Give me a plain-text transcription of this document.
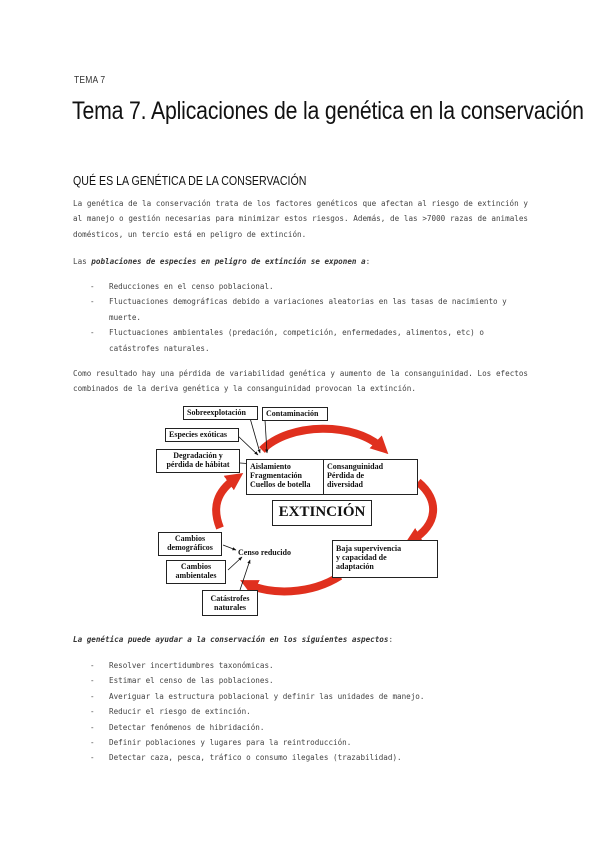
TEMA 7
Tema 7. Aplicaciones de la genética en la conservación
QUÉ ES LA GENÉTICA DE LA CONSERVACIÓN

La genética de la conservación trata de los factores genéticos que afectan al riesgo de extinción y al manejo o gestión necesarias para minimizar estos riesgos. Además, de las >7000 razas de animales domésticos, un tercio está en peligro de extinción.

Las poblaciones de especies en peligro de extinción se exponen a:

- Reducciones en el censo poblacional.
- Fluctuaciones demográficas debido a variaciones aleatorias en las tasas de nacimiento y muerte.
- Fluctuaciones ambientales (predación, competición, enfermedades, alimentos, etc) o catástrofes naturales.

Como resultado hay una pérdida de variabilidad genética y aumento de la consanguinidad. Los efectos combinados de la deriva genética y la consanguinidad provocan la extinción.

Sobreexplotación	Contaminación
Especies exóticas
Degradación y
pérdida de hábitat	Aislamiento
Fragmentación
Cuellos de botella
Consanguinidad
Pérdida de
diversidad
EXTINCIÓN
Baja supervivencia
y capacidad de
adaptación
Cambios
demográficos
Censo reducido
Cambios
ambientales
Catástrofes
naturales

La genética puede ayudar a la conservación en los siguientes aspectos:

- Resolver incertidumbres taxonómicas.
- Estimar el censo de las poblaciones.
- Averiguar la estructura poblacional y definir las unidades de manejo.
- Reducir el riesgo de extinción.
- Detectar fenómenos de hibridación.
- Definir poblaciones y lugares para la reintroducción.
- Detectar caza, pesca, tráfico o consumo ilegales (trazabilidad).
